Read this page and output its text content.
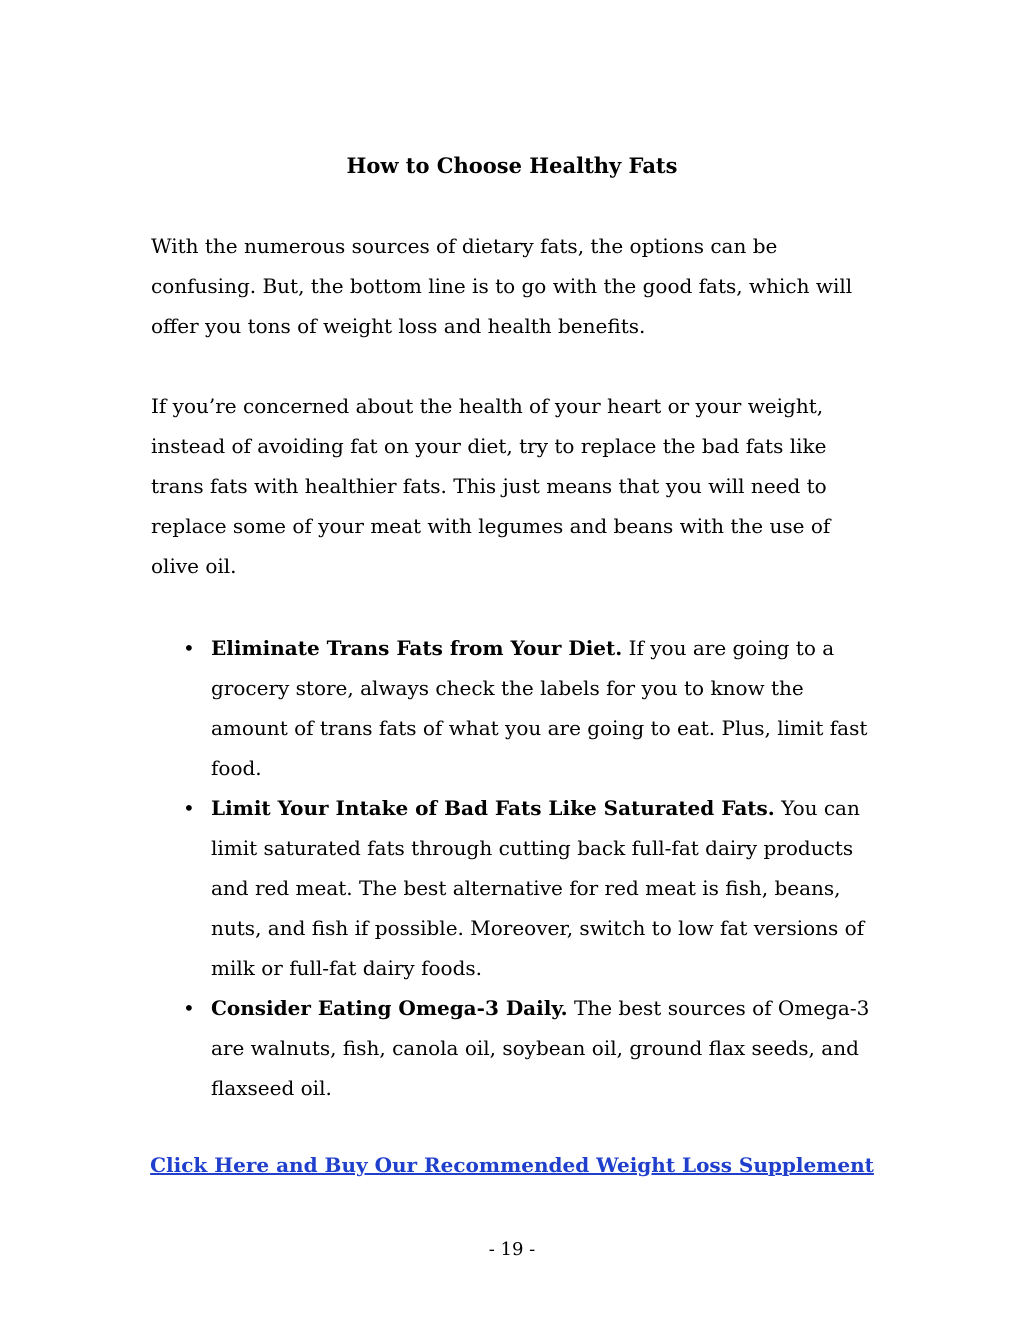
How to Choose Healthy Fats

With the numerous sources of dietary fats, the options can be confusing. But, the bottom line is to go with the good fats, which will offer you tons of weight loss and health benefits.

If you’re concerned about the health of your heart or your weight, instead of avoiding fat on your diet, try to replace the bad fats like trans fats with healthier fats. This just means that you will need to replace some of your meat with legumes and beans with the use of olive oil.

• Eliminate Trans Fats from Your Diet. If you are going to a grocery store, always check the labels for you to know the amount of trans fats of what you are going to eat. Plus, limit fast food.
• Limit Your Intake of Bad Fats Like Saturated Fats. You can limit saturated fats through cutting back full-fat dairy products and red meat. The best alternative for red meat is fish, beans, nuts, and fish if possible. Moreover, switch to low fat versions of milk or full-fat dairy foods.
• Consider Eating Omega-3 Daily. The best sources of Omega-3 are walnuts, fish, canola oil, soybean oil, ground flax seeds, and flaxseed oil.
Click Here and Buy Our Recommended Weight Loss Supplement
- 19 -
